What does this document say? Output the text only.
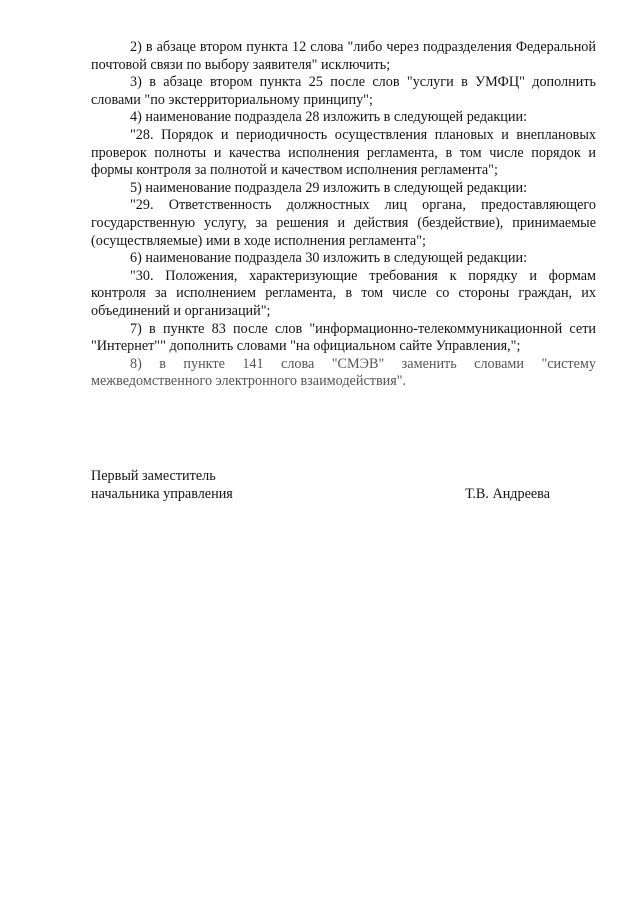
2) в абзаце втором пункта 12 слова "либо через подразделения Федеральной почтовой связи по выбору заявителя" исключить;

3) в абзаце втором пункта 25 после слов "услуги в УМФЦ" дополнить словами "по экстерриториальному принципу";

4) наименование подраздела 28 изложить в следующей редакции:

"28. Порядок и периодичность осуществления плановых и внеплановых проверок полноты и качества исполнения регламента, в том числе порядок и формы контроля за полнотой и качеством исполнения регламента";

5) наименование подраздела 29 изложить в следующей редакции:

"29. Ответственность должностных лиц органа, предоставляющего государственную услугу, за решения и действия (бездействие), принимаемые (осуществляемые) ими в ходе исполнения регламента";

6) наименование подраздела 30 изложить в следующей редакции:

"30. Положения, характеризующие требования к порядку и формам контроля за исполнением регламента, в том числе со стороны граждан, их объединений и организаций";

7) в пункте 83 после слов "информационно-телекоммуникационной сети "Интернет"" дополнить словами "на официальном сайте Управления,";

8) в пункте 141 слова "СМЭВ" заменить словами "систему межведомственного электронного взаимодействия".

Первый заместитель
начальника управления	Т.В. Андреева
